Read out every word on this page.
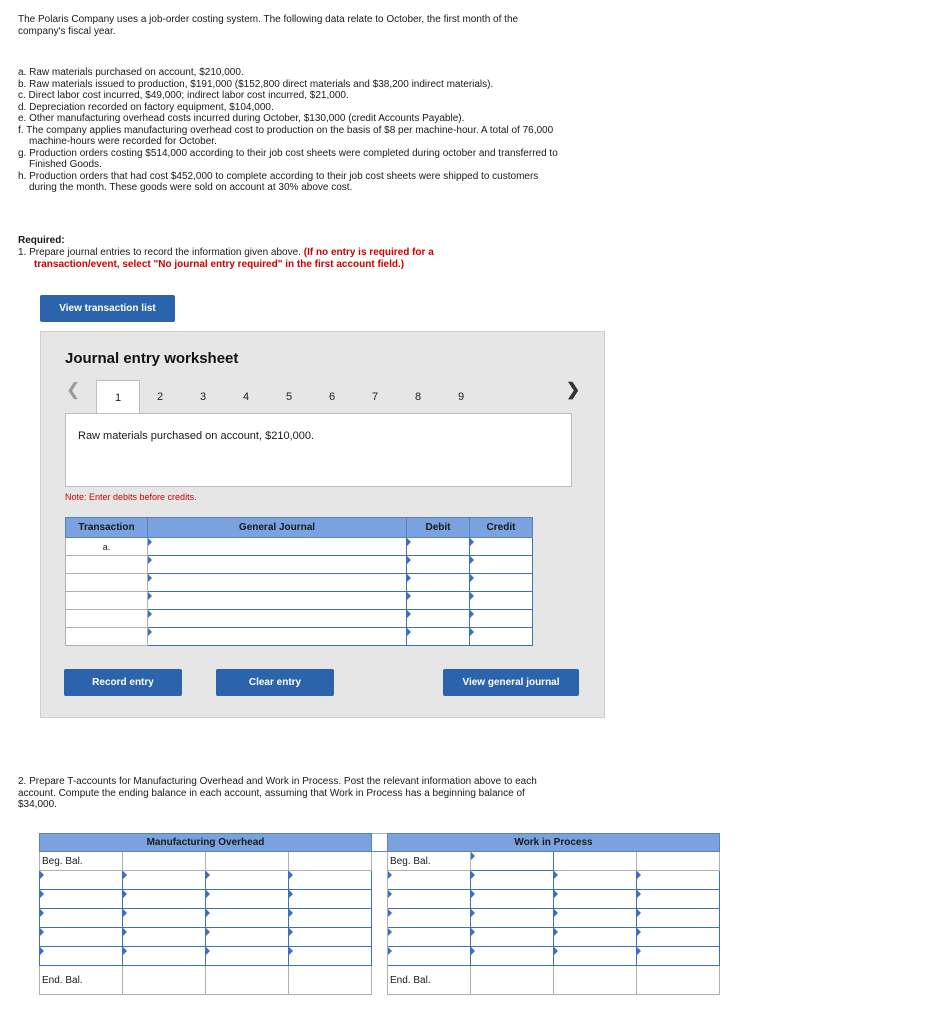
The Polaris Company uses a job-order costing system. The following data relate to October, the first month of the company's fiscal year.
a. Raw materials purchased on account, $210,000.
b. Raw materials issued to production, $191,000 ($152,800 direct materials and $38,200 indirect materials).
c. Direct labor cost incurred, $49,000; indirect labor cost incurred, $21,000.
d. Depreciation recorded on factory equipment, $104,000.
e. Other manufacturing overhead costs incurred during October, $130,000 (credit Accounts Payable).
f. The company applies manufacturing overhead cost to production on the basis of $8 per machine-hour. A total of 76,000 machine-hours were recorded for October.
g. Production orders costing $514,000 according to their job cost sheets were completed during october and transferred to Finished Goods.
h. Production orders that had cost $452,000 to complete according to their job cost sheets were shipped to customers during the month. These goods were sold on account at 30% above cost.
Required:
1. Prepare journal entries to record the information given above. (If no entry is required for a
transaction/event, select "No journal entry required" in the first account field.)
View transaction list
Journal entry worksheet
❮	1	2	3	4	5	6	7	8	9	❯
Raw materials purchased on account, $210,000.
Note: Enter debits before credits.
Transaction	General Journal	Debit	Credit
a.	

Record entry	Clear entry	View general journal
2. Prepare T-accounts for Manufacturing Overhead and Work in Process. Post the relevant information above to each account. Compute the ending balance in each account, assuming that Work in Process has a beginning balance of $34,000.
Manufacturing Overhead					Work in Process			
Beg. Bal.					Beg. Bal.	

End. Bal.					End. Bal.			
